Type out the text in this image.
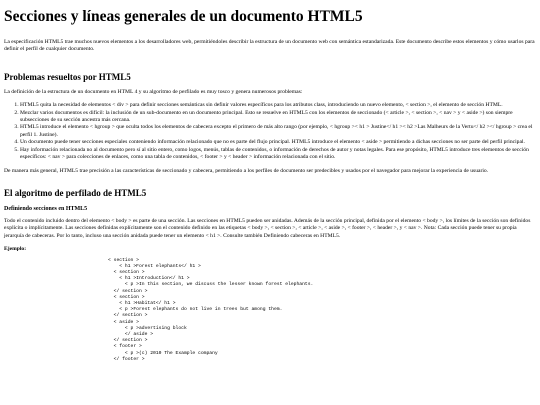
Secciones y líneas generales de un documento HTML5

La especificación HTML5 trae muchos nuevos elementos a los desarrolladores web, permitiéndoles describir la estructura de un documento web con semántica estandarizada. Este documento describe estos elementos y cómo usarlos para definir el perfil de cualquier documento.

Problemas resueltos por HTML5

La definición de la estructura de un documento en HTML 4 y su algoritmo de perfilado es muy tosco y genera numerosos problemas:

1. HTML5 quita la necesidad de elementos < div > para definir secciones semánticas sin definir valores específicos para los atributos class, introduciendo un nuevo elemento, < section >, el elemento de sección HTML.
2. Mezclar varios documentos es difícil: la inclusión de un sub-documento en un documento principal. Esto se resuelve en HTML5 con los elementos de seccionado (< article >, < section >, < nav > y < aside >) son siempre subsecciones de su sección ancestra más cercana.
3. HTML5 introduce el elemento < hgroup > que oculta todos los elementos de cabecera excepto el primero de más alto rango (por ejemplo, < hgroup >< h1 > Justine</ h1 >< h2 >Las Malheurs de la Vertu</ h2 ></ hgroup > crea el perfil 1. Justine).
4. Un documento puede tener secciones especiales conteniendo información relacionado que no es parte del flujo principal. HTML5 introduce el elemento < aside > permitiendo a dichas secciones no ser parte del perfil principal.
5. Hay información relacionada no al documento pero sí al sitio entero, como logos, menús, tablas de contenidos, o información de derechos de autor y notas legales. Para ese propósito, HTML5 introduce tres elementos de sección específicos: < nav > para colecciones de enlaces, como una tabla de contenidos, < footer > y < header > información relacionada con el sitio.

De manera más general, HTML5 trae precisión a las características de seccionado y cabecera, permitiendo a los perfiles de documento ser predecibles y usados por el navegador para mejorar la experiencia de usuario.

El algoritmo de perfilado de HTML5
Definiendo secciones en HTML5

Todo el contenido incluido dentro del elemento < body > es parte de una sección. Las secciones en HTML5 pueden ser anidadas. Además de la sección principal, definida por el elemento < body >, los límites de la sección son definidos explícita o implícitamente. Las secciones definidas explícitamente son el contenido definido en las etiquetas < body >, < section >, < article >, < aside >, < footer >, < header >, y < nav >. Nota: Cada sección puede tener su propia jerarquía de cabeceras. Por lo tanto, incluso una sección anidada puede tener un elemento < h1 >. Consulte también Definiendo cabeceras en HTML5.

Ejemplo:

< section >
< h1 >Forest elephants</ h1 >
< section >
< h1 >Introduction</ h1 >
< p >In this section, we discuss the lesser known forest elephants.
</ section >
< section >
< h1 >Habitat</ h1 >
< p >Forest elephants do not live in trees but among them.
</ section >
< aside >
< p >advertising block
</ aside >
</ section >
< footer >
< p >(c) 2010 The Example company
</ footer >
